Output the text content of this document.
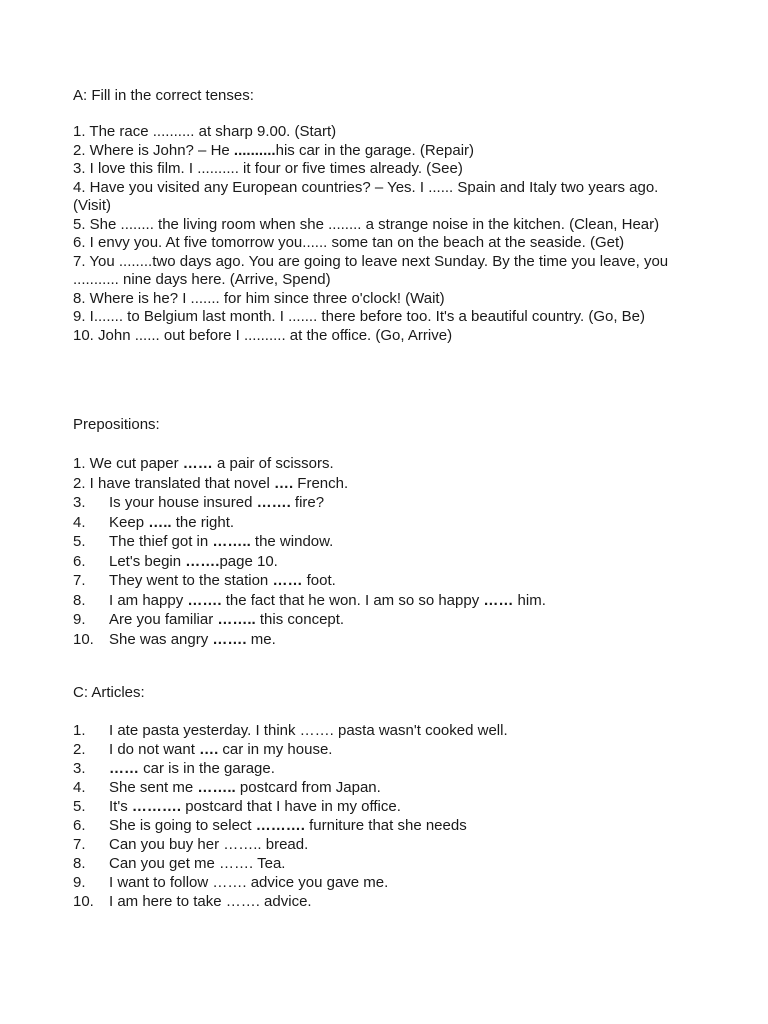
A: Fill in the correct tenses:
1. The race .......... at sharp 9.00. (Start)
2. Where is John? – He ..........his car in the garage. (Repair)
3. I love this film. I .......... it four or five times already. (See)
4. Have you visited any European countries? – Yes. I ...... Spain and Italy two years ago. (Visit)
5. She ........ the living room when she ........ a strange noise in the kitchen. (Clean, Hear)
6. I envy you. At five tomorrow you...... some tan on the beach at the seaside. (Get)
7. You ........two days ago. You are going to leave next Sunday. By the time you leave, you ........... nine days here. (Arrive, Spend)
8. Where is he? I ....... for him since three o'clock! (Wait)
9. I....... to Belgium last month. I ....... there before too. It's a beautiful country. (Go, Be)
10. John ...... out before I .......... at the office. (Go, Arrive)
Prepositions:
1. We cut paper …… a pair of scissors.
2. I have translated that novel …. French.
3.	Is your house insured ……. fire?
4.	Keep ….. the right.
5.	The thief got in …….. the window.
6.	Let's begin …….page 10.
7.	They went to the station …… foot.
8.	I am happy ……. the fact that he won. I am so so happy …… him.
9.	Are you familiar …….. this concept.
10.	She was angry ……. me.
C: Articles:
1.	I ate pasta yesterday. I think ……. pasta wasn't cooked well.
2.	I do not want …. car in my house.
3.	…… car is in the garage.
4.	She sent me …….. postcard from Japan.
5.	It's ………. postcard that I have in my office.
6.	She is going to select ………. furniture that she needs
7.	Can you buy her …….. bread.
8.	Can you get me ……. Tea.
9.	I want to follow ……. advice you gave me.
10.	I am here to take ……. advice.
